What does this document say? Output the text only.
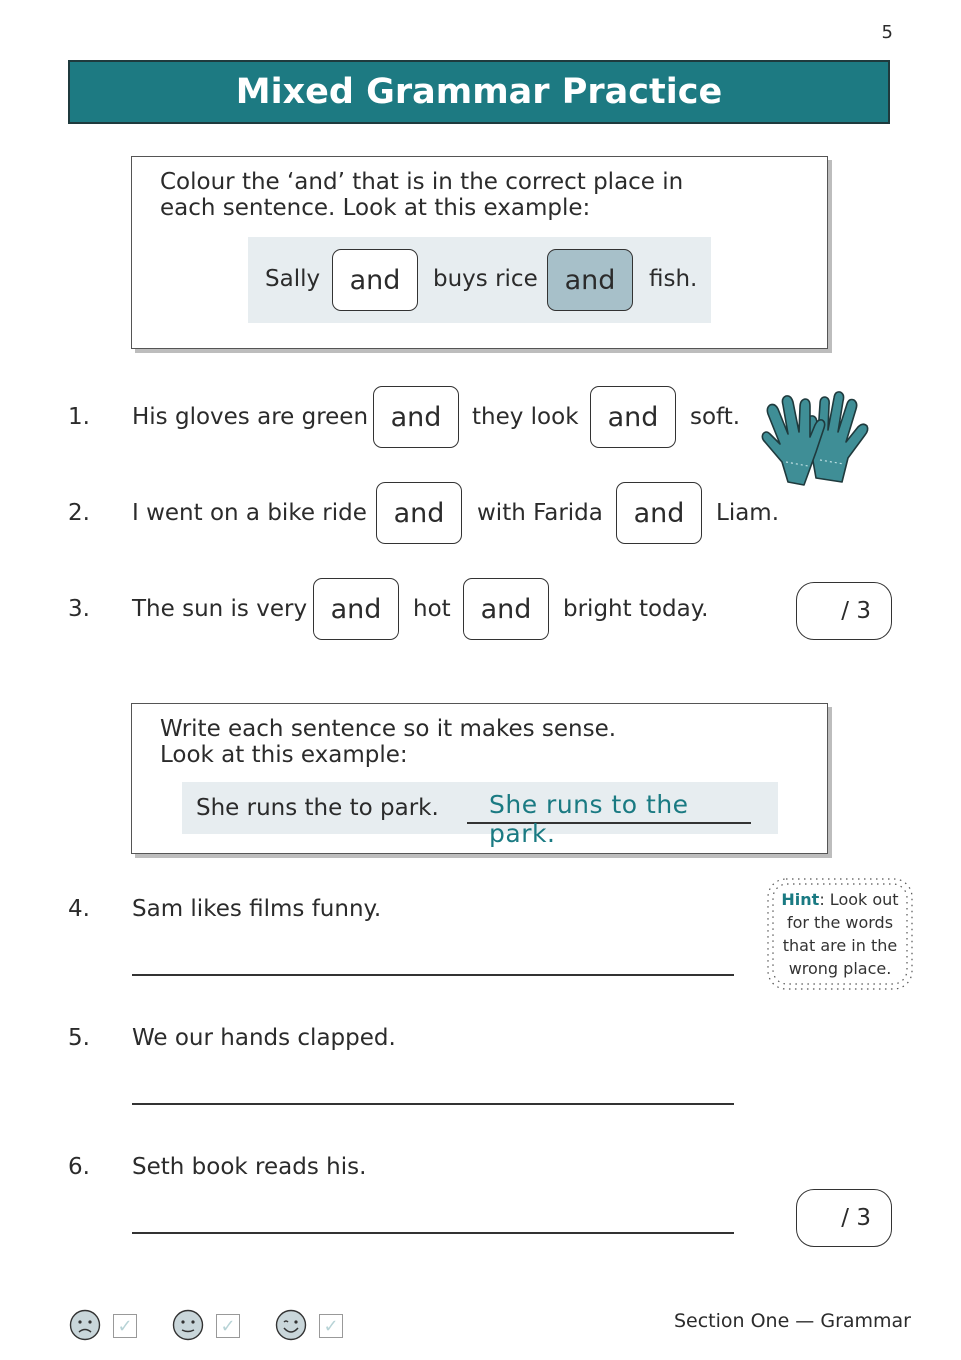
5
Mixed Grammar Practice
Colour the ‘and’ that is in the correct place in
each sentence. Look at this example:
Sally	and	buys rice and	fish.
1. His gloves are green and	they look	and	soft.
2. I went on a bike ride and	with Farida	and	Liam.
3. The sun is very and	hot	and	bright today.	/ 3
Write each sentence so it makes sense.
Look at this example:
She runs the to park. She runs to the park.
Hint: Look out
for the words
that are in the
wrong place.
4. Sam likes films funny.
5. We our hands clapped.
6. Seth book reads his.
/ 3
✓	✓	✓	Section One — Grammar
